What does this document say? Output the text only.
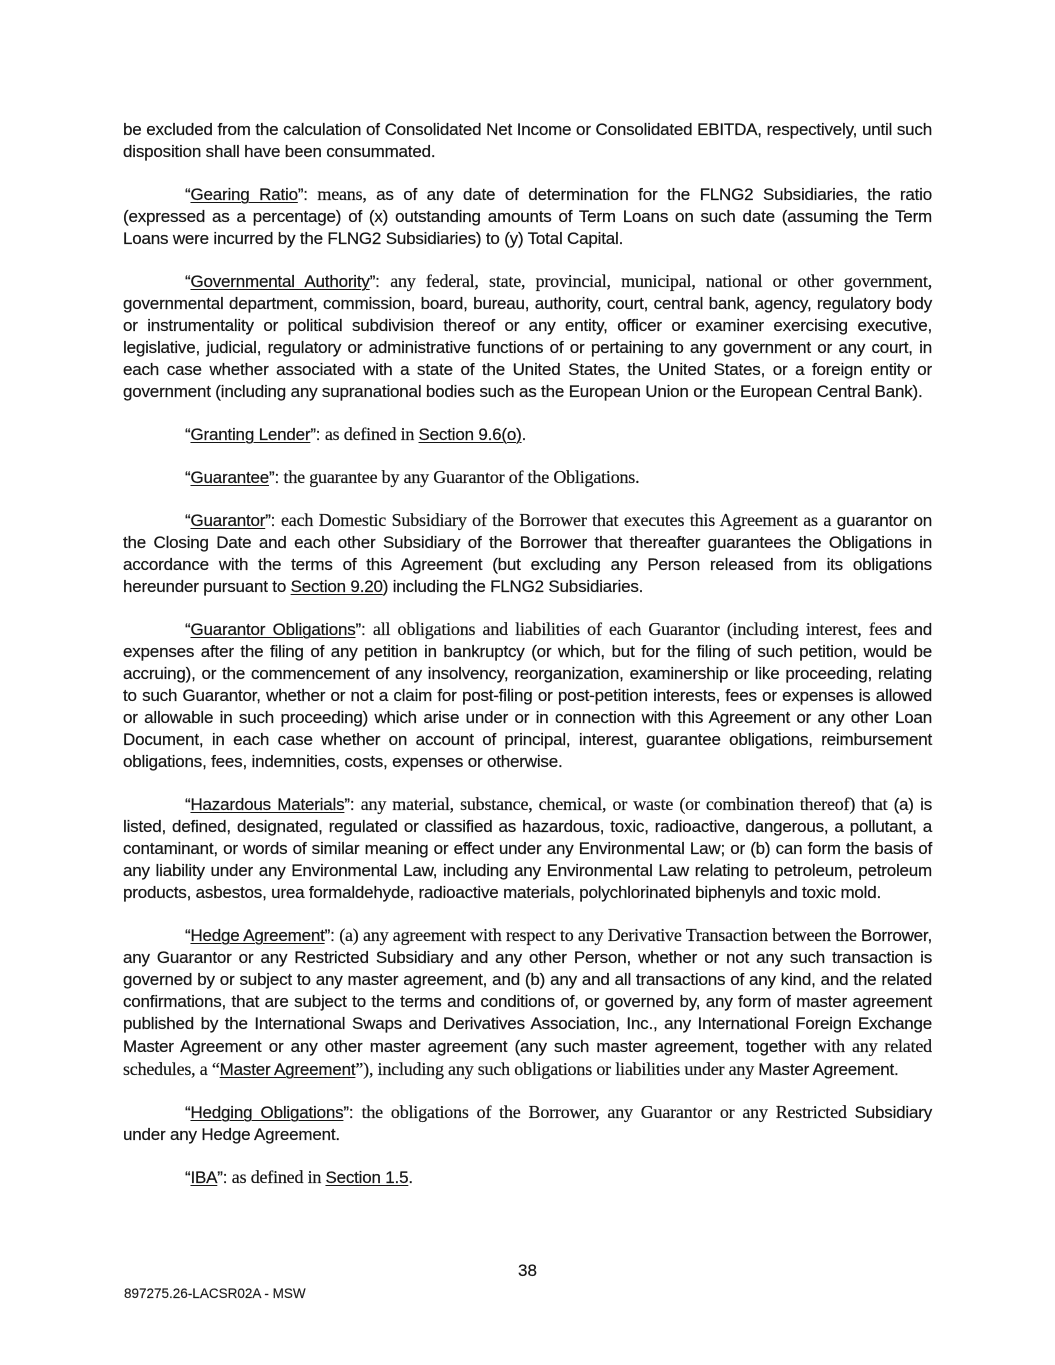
be excluded from the calculation of Consolidated Net Income or Consolidated EBITDA, respectively, until such disposition shall have been consummated.

“Gearing Ratio”: means, as of any date of determination for the FLNG2 Subsidiaries, the ratio (expressed as a percentage) of (x) outstanding amounts of Term Loans on such date (assuming the Term Loans were incurred by the FLNG2 Subsidiaries) to (y) Total Capital.

“Governmental Authority”: any federal, state, provincial, municipal, national or other government, governmental department, commission, board, bureau, authority, court, central bank, agency, regulatory body or instrumentality or political subdivision thereof or any entity, officer or examiner exercising executive, legislative, judicial, regulatory or administrative functions of or pertaining to any government or any court, in each case whether associated with a state of the United States, the United States, or a foreign entity or government (including any supranational bodies such as the European Union or the European Central Bank).

“Granting Lender”: as defined in Section 9.6(o).

“Guarantee”: the guarantee by any Guarantor of the Obligations.

“Guarantor”: each Domestic Subsidiary of the Borrower that executes this Agreement as a guarantor on the Closing Date and each other Subsidiary of the Borrower that thereafter guarantees the Obligations in accordance with the terms of this Agreement (but excluding any Person released from its obligations hereunder pursuant to Section 9.20) including the FLNG2 Subsidiaries.

“Guarantor Obligations”: all obligations and liabilities of each Guarantor (including interest, fees and expenses after the filing of any petition in bankruptcy (or which, but for the filing of such petition, would be accruing), or the commencement of any insolvency, reorganization, examinership or like proceeding, relating to such Guarantor, whether or not a claim for post-filing or post-petition interests, fees or expenses is allowed or allowable in such proceeding) which arise under or in connection with this Agreement or any other Loan Document, in each case whether on account of principal, interest, guarantee obligations, reimbursement obligations, fees, indemnities, costs, expenses or otherwise.

“Hazardous Materials”: any material, substance, chemical, or waste (or combination thereof) that (a) is listed, defined, designated, regulated or classified as hazardous, toxic, radioactive, dangerous, a pollutant, a contaminant, or words of similar meaning or effect under any Environmental Law; or (b) can form the basis of any liability under any Environmental Law, including any Environmental Law relating to petroleum, petroleum products, asbestos, urea formaldehyde, radioactive materials, polychlorinated biphenyls and toxic mold.

“Hedge Agreement”: (a) any agreement with respect to any Derivative Transaction between the Borrower, any Guarantor or any Restricted Subsidiary and any other Person, whether or not any such transaction is governed by or subject to any master agreement, and (b) any and all transactions of any kind, and the related confirmations, that are subject to the terms and conditions of, or governed by, any form of master agreement published by the International Swaps and Derivatives Association, Inc., any International Foreign Exchange Master Agreement or any other master agreement (any such master agreement, together with any related schedules, a “Master Agreement”), including any such obligations or liabilities under any Master Agreement.

“Hedging Obligations”: the obligations of the Borrower, any Guarantor or any Restricted Subsidiary under any Hedge Agreement.

“IBA”: as defined in Section 1.5.

38
897275.26-LACSR02A - MSW
